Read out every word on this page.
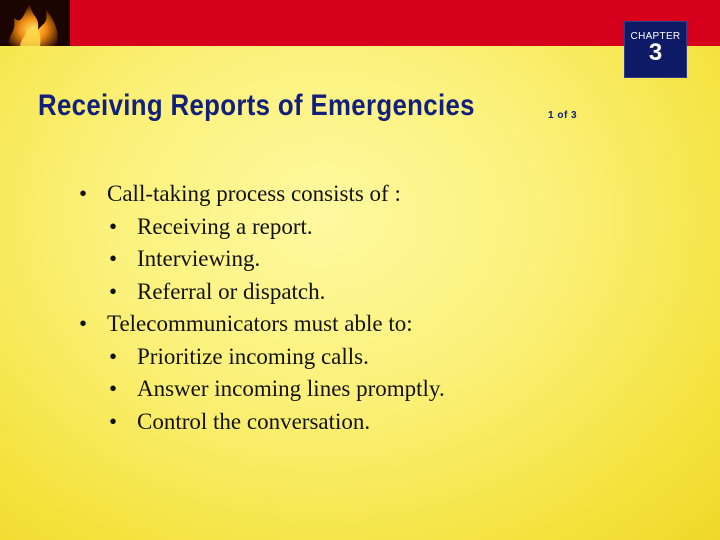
CHAPTER
3
Receiving Reports of Emergencies	1 of 3
• Call-taking process consists of :
• Receiving a report.
• Interviewing.
• Referral or dispatch.
• Telecommunicators must able to:
• Prioritize incoming calls.
• Answer incoming lines promptly.
• Control the conversation.
